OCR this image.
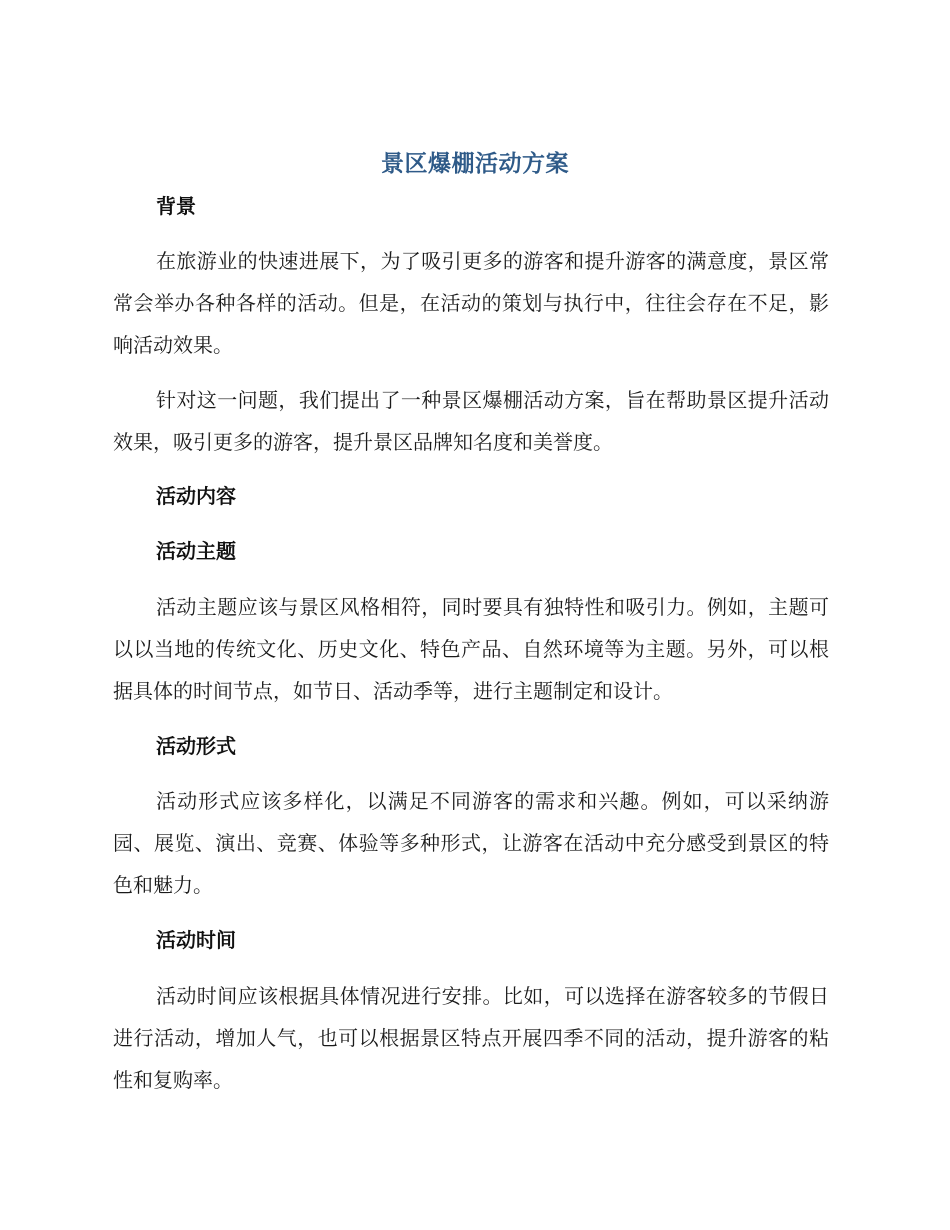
景区爆棚活动方案
背景

在旅游业的快速进展下，为了吸引更多的游客和提升游客的满意度，景区常常会举办各种各样的活动。但是，在活动的策划与执行中，往往会存在不足，影响活动效果。

针对这一问题，我们提出了一种景区爆棚活动方案，旨在帮助景区提升活动效果，吸引更多的游客，提升景区品牌知名度和美誉度。

活动内容
活动主题

活动主题应该与景区风格相符，同时要具有独特性和吸引力。例如，主题可以以当地的传统文化、历史文化、特色产品、自然环境等为主题。另外，可以根据具体的时间节点，如节日、活动季等，进行主题制定和设计。

活动形式

活动形式应该多样化，以满足不同游客的需求和兴趣。例如，可以采纳游园、展览、演出、竞赛、体验等多种形式，让游客在活动中充分感受到景区的特色和魅力。

活动时间

活动时间应该根据具体情况进行安排。比如，可以选择在游客较多的节假日进行活动，增加人气，也可以根据景区特点开展四季不同的活动，提升游客的粘性和复购率。
